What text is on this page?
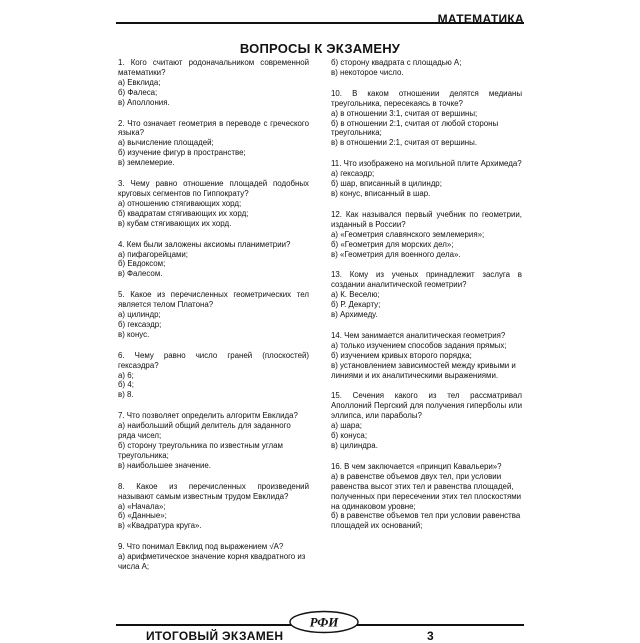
МАТЕМАТИКА
ВОПРОСЫ К ЭКЗАМЕНУ
1. Кого считают родоначальником современной математики?
а) Евклида;
б) Фалеса;
в) Аполлония.
2. Что означает геометрия в переводе с греческого языка?
а) вычисление площадей;
б) изучение фигур в пространстве;
в) землемерие.
3. Чему равно отношение площадей подобных круговых сегментов по Гиппократу?
а) отношению стягивающих хорд;
б) квадратам стягивающих их хорд;
в) кубам стягивающих их хорд.
4. Кем были заложены аксиомы планиметрии?
а) пифагорейцами;
б) Евдоксом;
в) Фалесом.
5. Какое из перечисленных геометрических тел является телом Платона?
а) цилиндр;
б) гексаэдр;
в) конус.
6. Чему равно число граней (плоскостей) гексаэдра?
а) 6;
б) 4;
в) 8.
7. Что позволяет определить алгоритм Евклида?
а) наибольший общий делитель для заданного ряда чисел;
б) сторону треугольника по известным углам треугольника;
в) наибольшее значение.
8. Какое из перечисленных произведений называют самым известным трудом Евклида?
а) «Начала»;
б) «Данные»;
в) «Квадратура круга».
9. Что понимал Евклид под выражением √A?
а) арифметическое значение корня квадратного из числа A;
б) сторону квадрата с площадью A;
в) некоторое число.
10. В каком отношении делятся медианы треугольника, пересекаясь в точке?
а) в отношении 3:1, считая от вершины;
б) в отношении 2:1, считая от любой стороны треугольника;
в) в отношении 2:1, считая от вершины.
11. Что изображено на могильной плите Архимеда?
а) гексаэдр;
б) шар, вписанный в цилиндр;
в) конус, вписанный в шар.
12. Как назывался первый учебник по геометрии, изданный в России?
а) «Геометрия славянского землемерия»;
б) «Геометрия для морских дел»;
в) «Геометрия для военного дела».
13. Кому из ученых принадлежит заслуга в создании аналитической геометрии?
а) К. Веселю;
б) Р. Декарту;
в) Архимеду.
14. Чем занимается аналитическая геометрия?
а) только изучением способов задания прямых;
б) изучением кривых второго порядка;
в) установлением зависимостей между кривыми и линиями и их аналитическими выражениями.
15. Сечения какого из тел рассматривал Аполлоний Пергский для получения гиперболы или эллипса, или параболы?
а) шара;
б) конуса;
в) цилиндра.
16. В чем заключается «принцип Кавальери»?
а) в равенстве объемов двух тел, при условии равенства высот этих тел и равенства площадей, полученных при пересечении этих тел плоскостями на одинаковом уровне;
б) в равенстве объемов тел при условии равенства площадей их оснований;
ИТОГОВЫЙ ЭКЗАМЕН
РФИ
3
